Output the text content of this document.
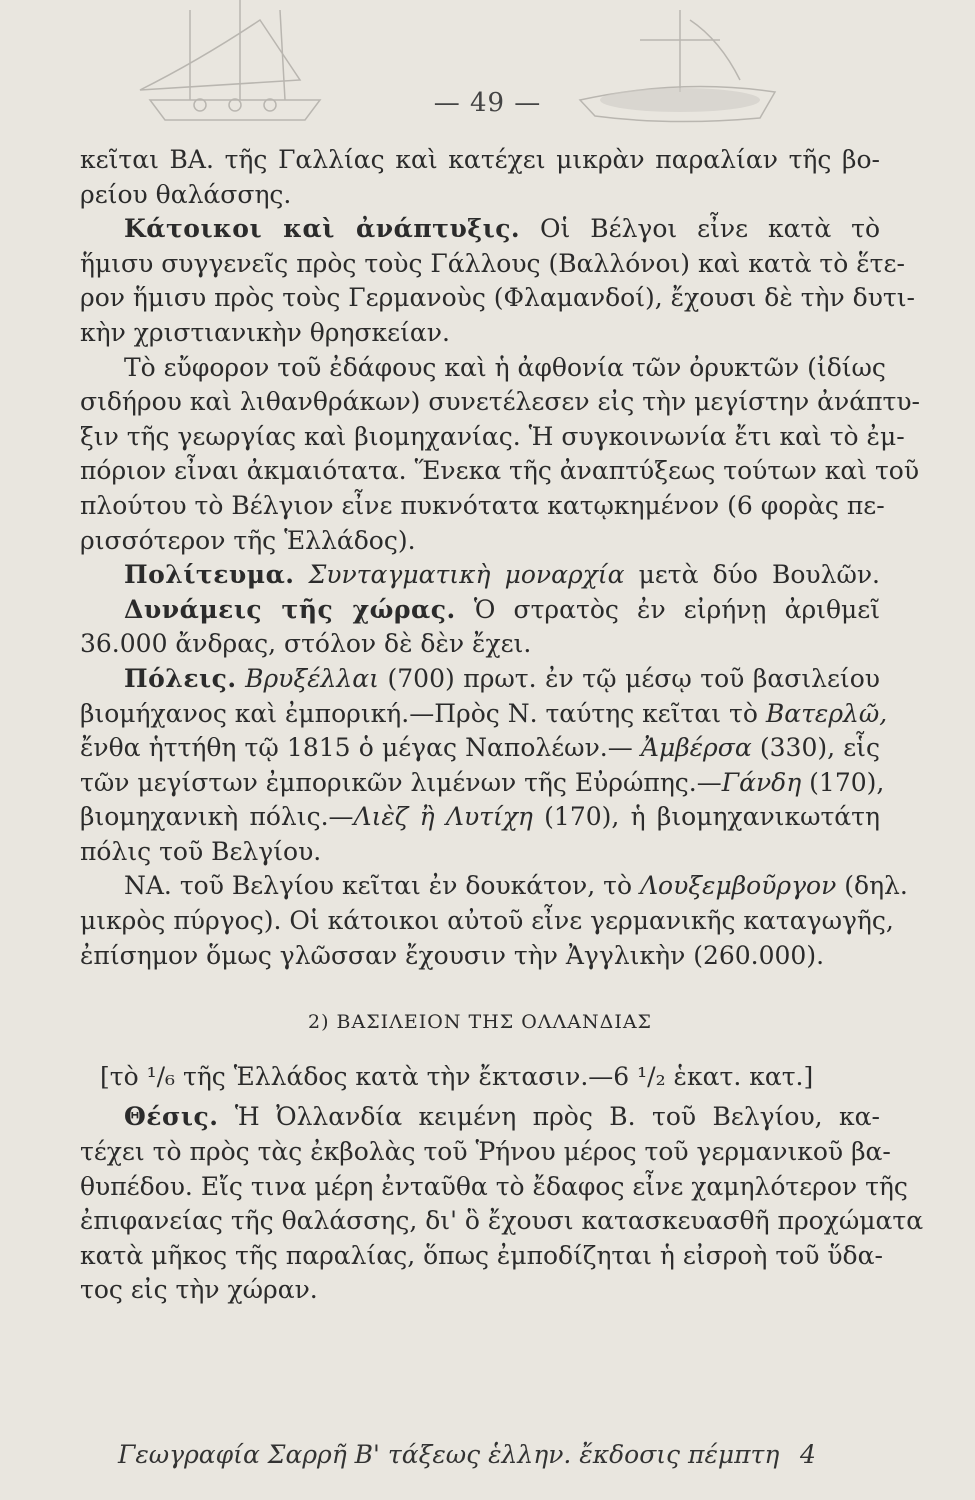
— 49 —
κεῖται ΒΑ. τῆς Γαλλίας καὶ κατέχει μικρὰν παραλίαν τῆς βο-
ρείου θαλάσσης.
Κάτοικοι καὶ ἀνάπτυξις. Οἱ Βέλγοι εἶνε κατὰ τὸ
ἥμισυ συγγενεῖς πρὸς τοὺς Γάλλους (Βαλλόνοι) καὶ κατὰ τὸ ἕτε-
ρον ἥμισυ πρὸς τοὺς Γερμανοὺς (Φλαμανδοί), ἔχουσι δὲ τὴν δυτι-
κὴν χριστιανικὴν θρησκείαν.
Τὸ εὔφορον τοῦ ἐδάφους καὶ ἡ ἀφθονία τῶν ὀρυκτῶν (ἰδίως
σιδήρου καὶ λιθανθράκων) συνετέλεσεν εἰς τὴν μεγίστην ἀνάπτυ-
ξιν τῆς γεωργίας καὶ βιομηχανίας. Ἡ συγκοινωνία ἔτι καὶ τὸ ἐμ-
πόριον εἶναι ἀκμαιότατα. Ἕνεκα τῆς ἀναπτύξεως τούτων καὶ τοῦ
πλούτου τὸ Βέλγιον εἶνε πυκνότατα κατῳκημένον (6 φορὰς πε-
ρισσότερον τῆς Ἑλλάδος).
Πολίτευμα. Συνταγματικὴ μοναρχία μετὰ δύο Βουλῶν.
Δυνάμεις τῆς χώρας. Ὁ στρατὸς ἐν εἰρήνῃ ἀριθμεῖ
36.000 ἄνδρας, στόλον δὲ δὲν ἔχει.
Πόλεις. Βρυξέλλαι (700) πρωτ. ἐν τῷ μέσῳ τοῦ βασιλείου
βιομήχανος καὶ ἐμπορική.—Πρὸς Ν. ταύτης κεῖται τὸ Βατερλῶ,
ἔνθα ἡττήθη τῷ 1815 ὁ μέγας Ναπολέων.— Ἀμβέρσα (330), εἷς
τῶν μεγίστων ἐμπορικῶν λιμένων τῆς Εὐρώπης.—Γάνδη (170),
βιομηχανικὴ πόλις.—Λιὲζ ἢ Λυτίχη (170), ἡ βιομηχανικωτάτη
πόλις τοῦ Βελγίου.
ΝΑ. τοῦ Βελγίου κεῖται ἐν δουκάτον, τὸ Λουξεμβοῦργον (δηλ.
μικρὸς πύργος). Οἱ κάτοικοι αὐτοῦ εἶνε γερμανικῆς καταγωγῆς,
ἐπίσημον ὅμως γλῶσσαν ἔχουσιν τὴν Ἀγγλικὴν (260.000).
2) ΒΑΣΙΛΕΙΟΝ ΤΗΣ ΟΛΛΑΝΔΙΑΣ
[τὸ ¹/₆ τῆς Ἑλλάδος κατὰ τὴν ἔκτασιν.—6 ¹/₂ ἑκατ. κατ.]
Θέσις. Ἡ Ὀλλανδία κειμένη πρὸς Β. τοῦ Βελγίου, κα-
τέχει τὸ πρὸς τὰς ἐκβολὰς τοῦ Ῥήνου μέρος τοῦ γερμανικοῦ βα-
θυπέδου. Εἴς τινα μέρη ἐνταῦθα τὸ ἔδαφος εἶνε χαμηλότερον τῆς
ἐπιφανείας τῆς θαλάσσης, δι' ὃ ἔχουσι κατασκευασθῆ προχώματα
κατὰ μῆκος τῆς παραλίας, ὅπως ἐμποδίζηται ἡ εἰσροὴ τοῦ ὕδα-
τος εἰς τὴν χώραν.
Γεωγραφία Σαρρῆ Β' τάξεως ἑλλην. ἔκδοσις πέμπτη 4
